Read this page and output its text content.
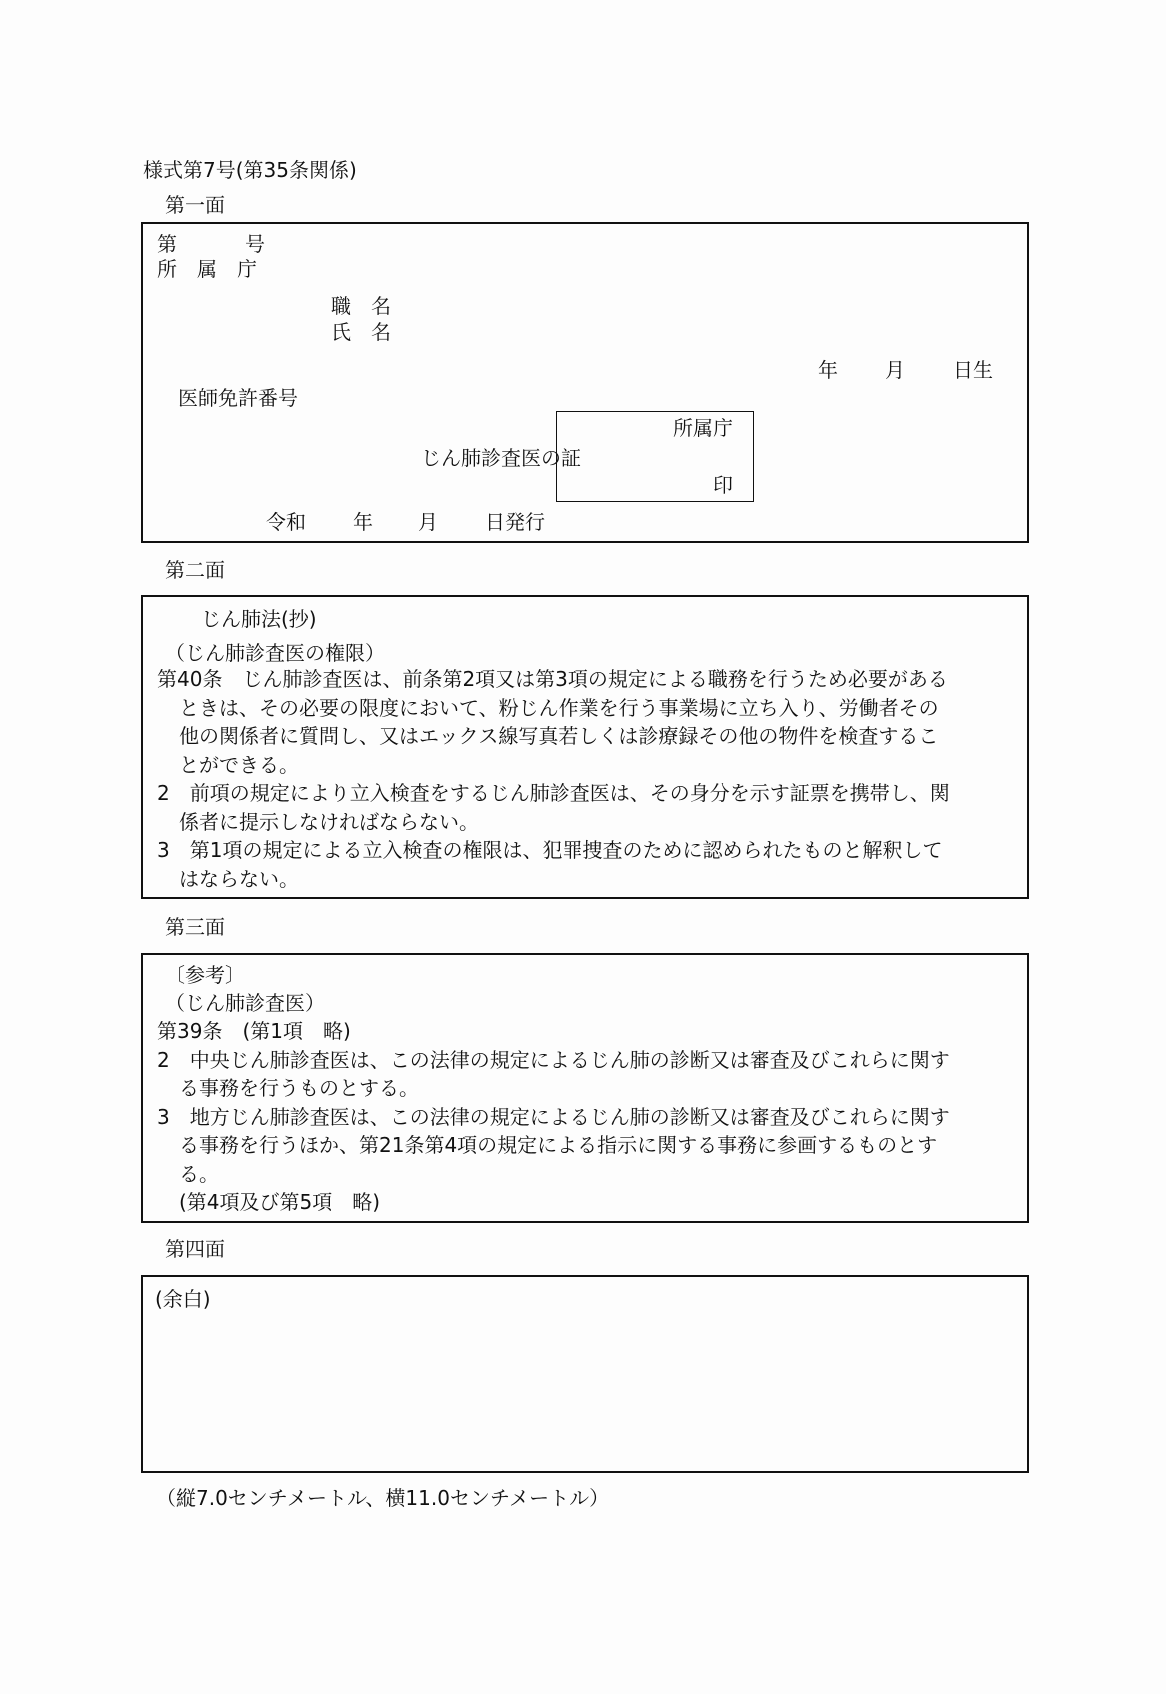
様式第7号(第35条関係)
第一面
第	号
所　属　庁
職　名
氏　名
年 月 日生
医師免許番号
じん肺診査医の証
所属庁
印
令和 年 月 日発行
第二面
じん肺法(抄)
（じん肺診査医の権限）
第40条　じん肺診査医は、前条第2項又は第3項の規定による職務を行うため必要がある
ときは、その必要の限度において、粉じん作業を行う事業場に立ち入り、労働者その
他の関係者に質問し、又はエックス線写真若しくは診療録その他の物件を検査するこ
とができる。
2　前項の規定により立入検査をするじん肺診査医は、その身分を示す証票を携帯し、関
係者に提示しなければならない。
3　第1項の規定による立入検査の権限は、犯罪捜査のために認められたものと解釈して
はならない。
第三面
〔参考〕
（じん肺診査医）
第39条　(第1項　略)
2　中央じん肺診査医は、この法律の規定によるじん肺の診断又は審査及びこれらに関す
る事務を行うものとする。
3　地方じん肺診査医は、この法律の規定によるじん肺の診断又は審査及びこれらに関す
る事務を行うほか、第21条第4項の規定による指示に関する事務に参画するものとす
る。
(第4項及び第5項　略)
第四面
(余白)
（縦7.0センチメートル、横11.0センチメートル）
